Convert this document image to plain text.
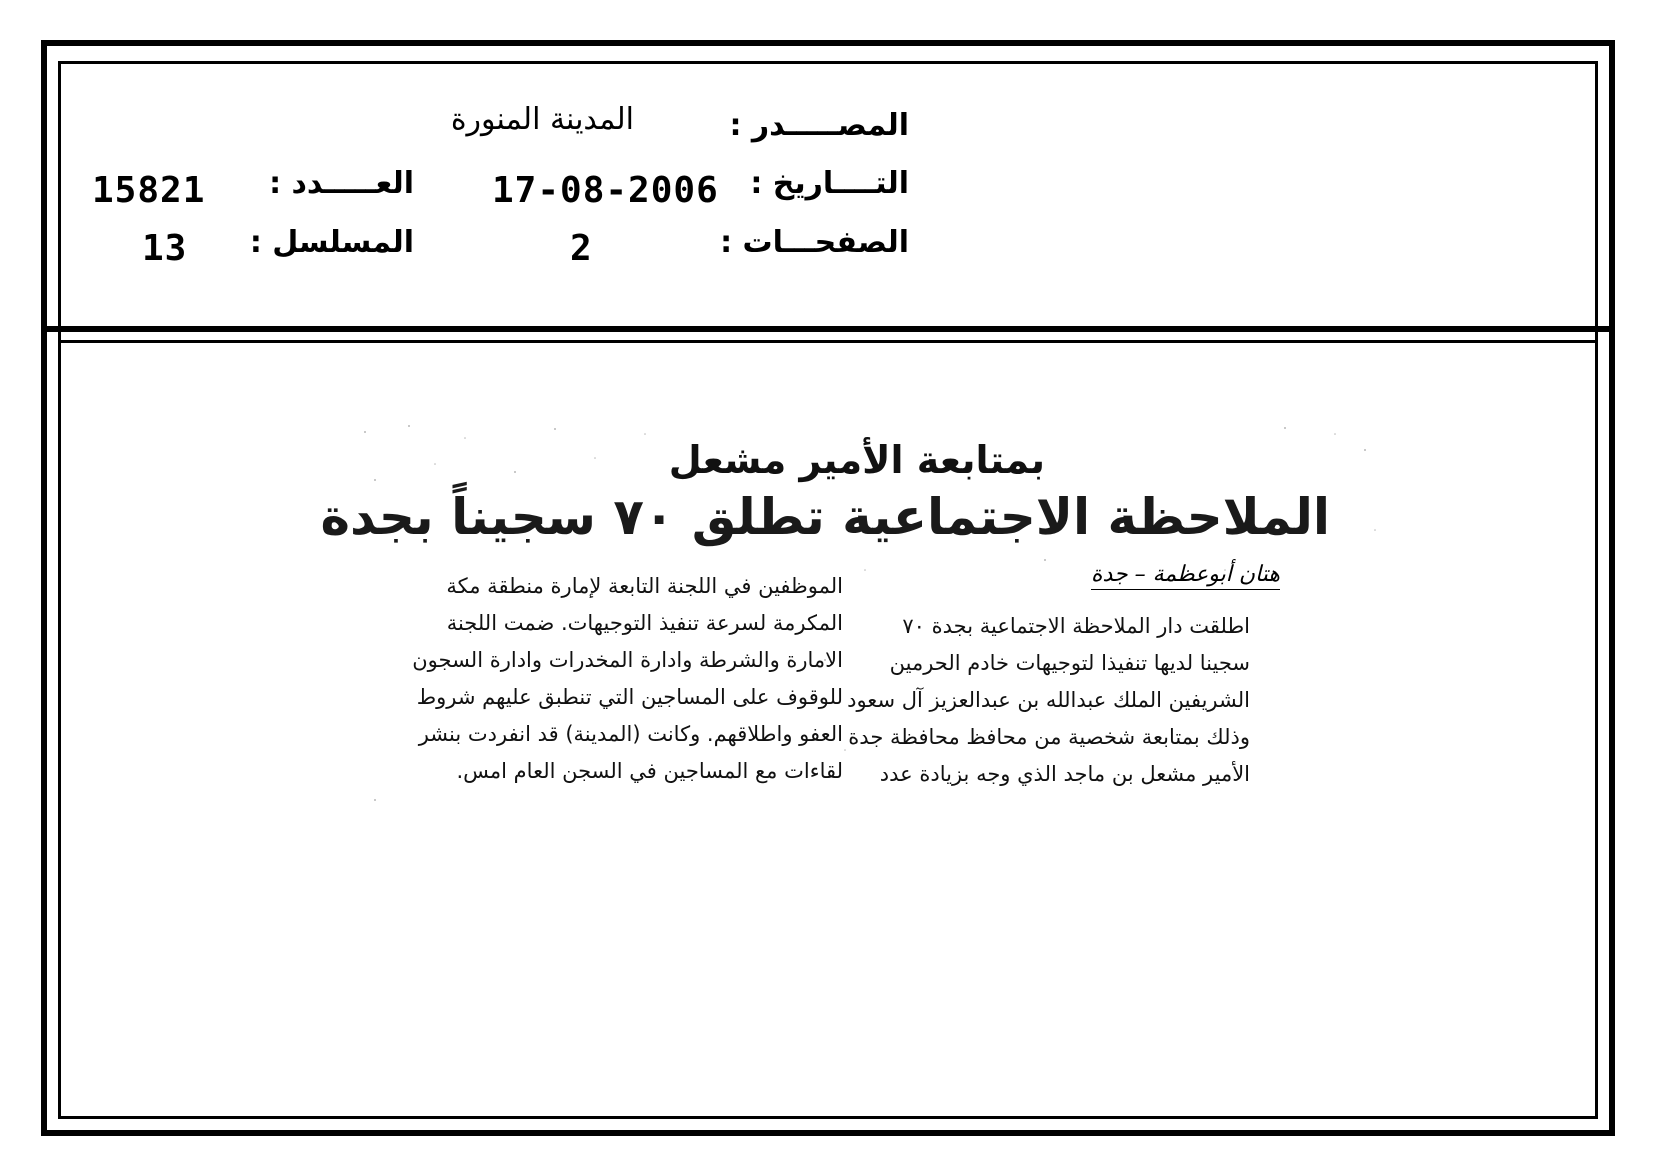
المصـــــدر :
المدينة المنورة
التــــاريخ :
17-08-2006
الصفحـــات :
2
العـــــدد :
15821
المسلسل :
13
بمتابعة الأمير مشعل
الملاحظة الاجتماعية تطلق ٧٠ سجيناً بجدة
هتان أبوعظمة – جدة
اطلقت دار الملاحظة الاجتماعية بجدة ٧٠
سجينا لديها تنفيذا لتوجيهات خادم الحرمين
الشريفين الملك عبدالله بن عبدالعزيز آل سعود
وذلك بمتابعة شخصية من محافظ محافظة جدة
الأمير مشعل بن ماجد الذي وجه بزيادة عدد
الموظفين في اللجنة التابعة لإمارة منطقة مكة
المكرمة لسرعة تنفيذ التوجيهات. ضمت اللجنة
الامارة والشرطة وادارة المخدرات وادارة السجون
للوقوف على المساجين التي تنطبق عليهم شروط
العفو واطلاقهم. وكانت (المدينة) قد انفردت بنشر
لقاءات مع المساجين في السجن العام امس.
